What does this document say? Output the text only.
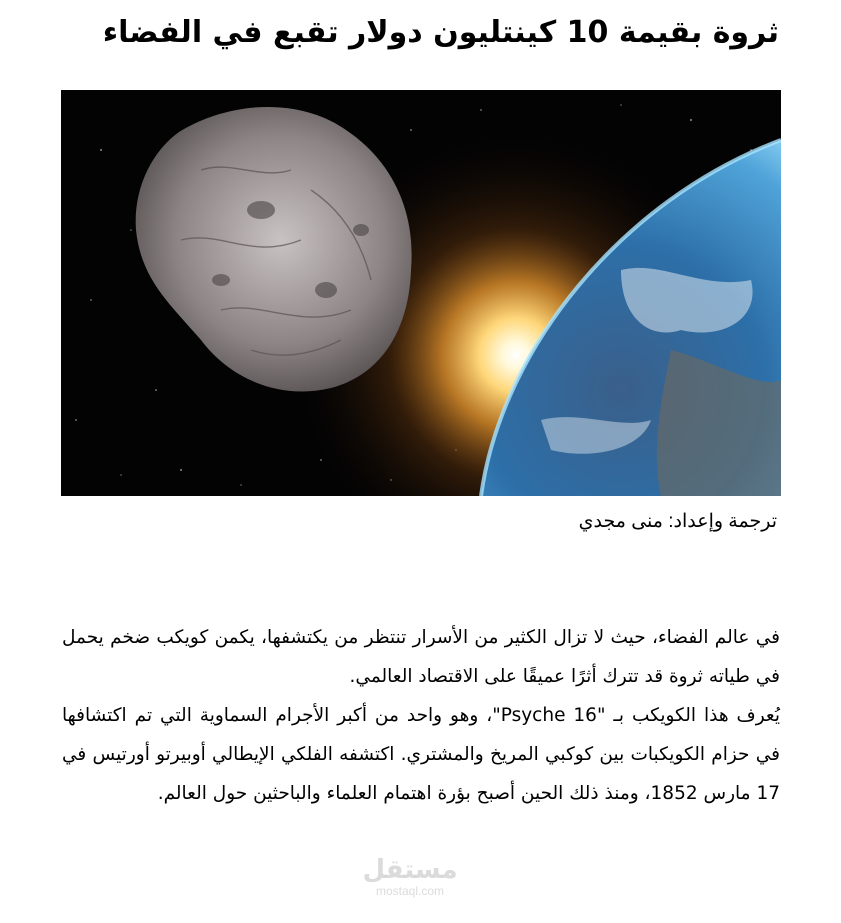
ثروة بقيمة 10 كينتليون دولار تقبع في الفضاء
ترجمة وإعداد: منى مجدي

في عالم الفضاء، حيث لا تزال الكثير من الأسرار تنتظر من يكتشفها، يكمن كويكب ضخم يحمل في طياته ثروة قد تترك أثرًا عميقًا على الاقتصاد العالمي.

يُعرف هذا الكويكب بـ "Psyche 16"، وهو واحد من أكبر الأجرام السماوية التي تم اكتشافها في حزام الكويكبات بين كوكبي المريخ والمشتري. اكتشفه الفلكي الإيطالي أوبيرتو أورتيس في 17 مارس 1852، ومنذ ذلك الحين أصبح بؤرة اهتمام العلماء والباحثين حول العالم.

مستقل
mostaql.com
